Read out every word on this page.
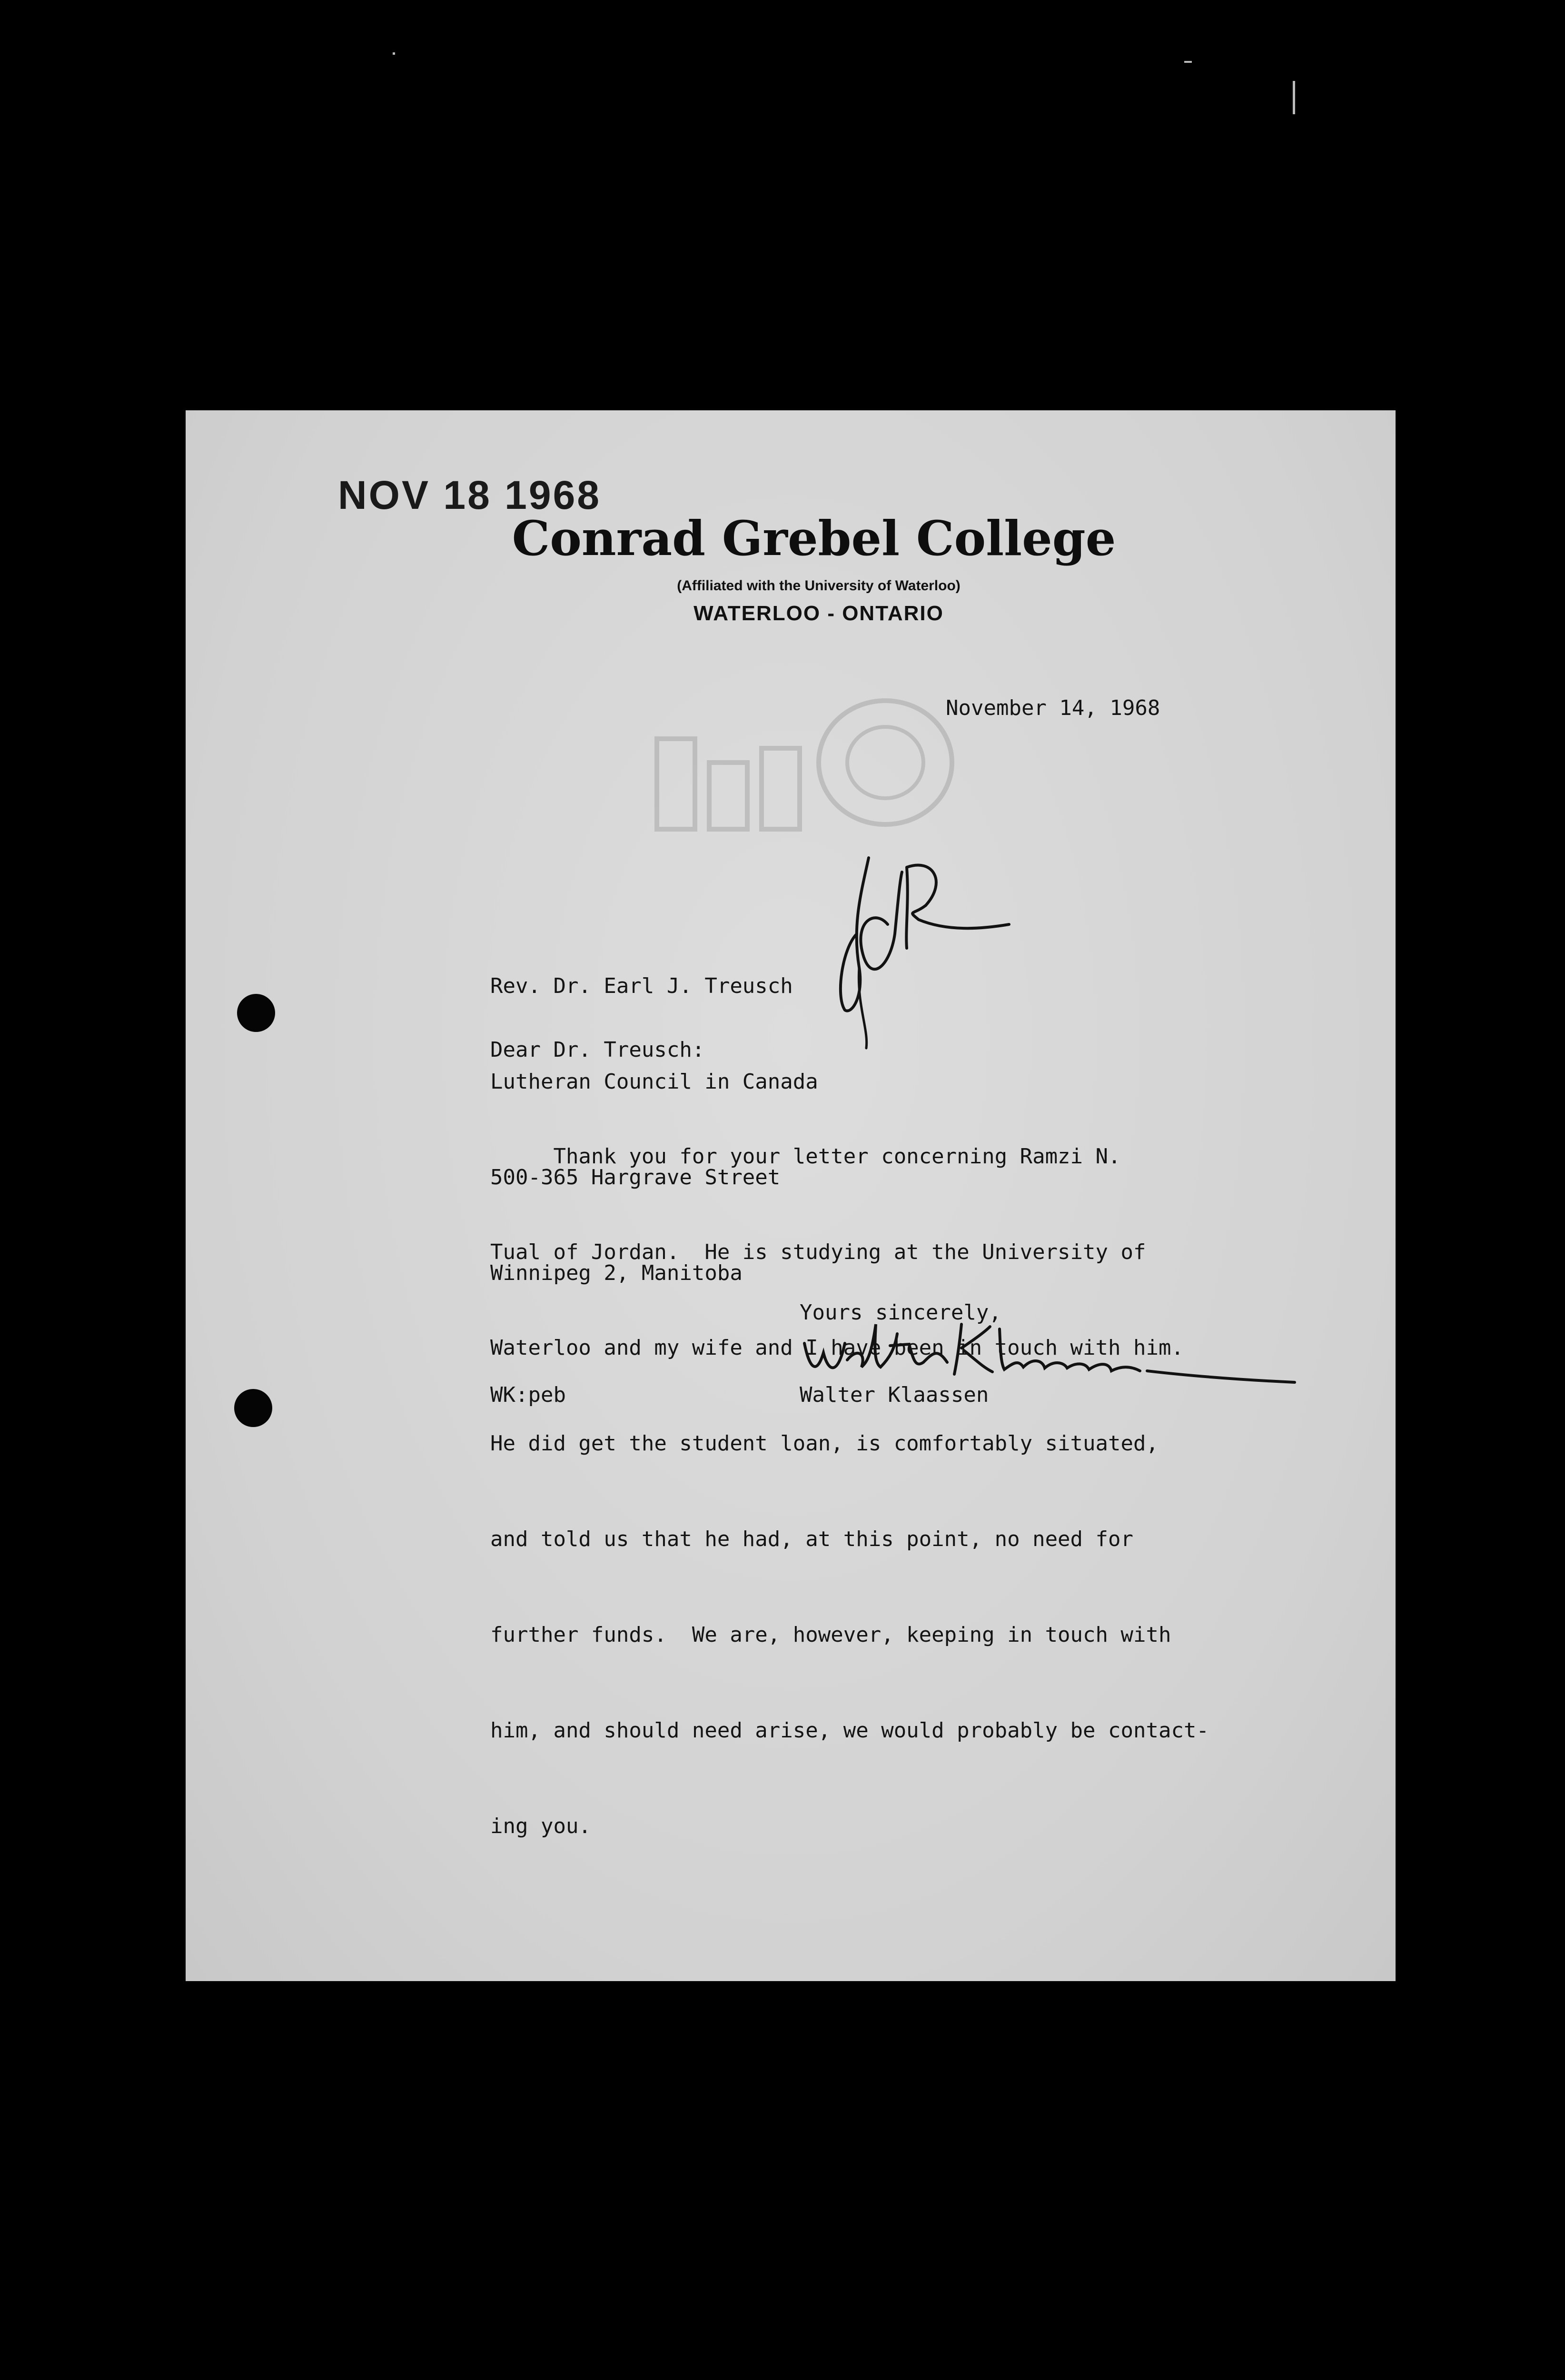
NOV 18 1968
Conrad Grebel College
(Affiliated with the University of Waterloo)
WATERLOO - ONTARIO
November 14, 1968

Rev. Dr. Earl J. Treusch

Lutheran Council in Canada

500-365 Hargrave Street

Winnipeg 2, Manitoba

Dear Dr. Treusch:

Thank you for your letter concerning Ramzi N.

Tual of Jordan.  He is studying at the University of

Waterloo and my wife and I have been in touch with him.

He did get the student loan, is comfortably situated,

and told us that he had, at this point, no need for

further funds.  We are, however, keeping in touch with

him, and should need arise, we would probably be contact-

ing you.

Yours sincerely,
Walter Klaassen
WK:peb
